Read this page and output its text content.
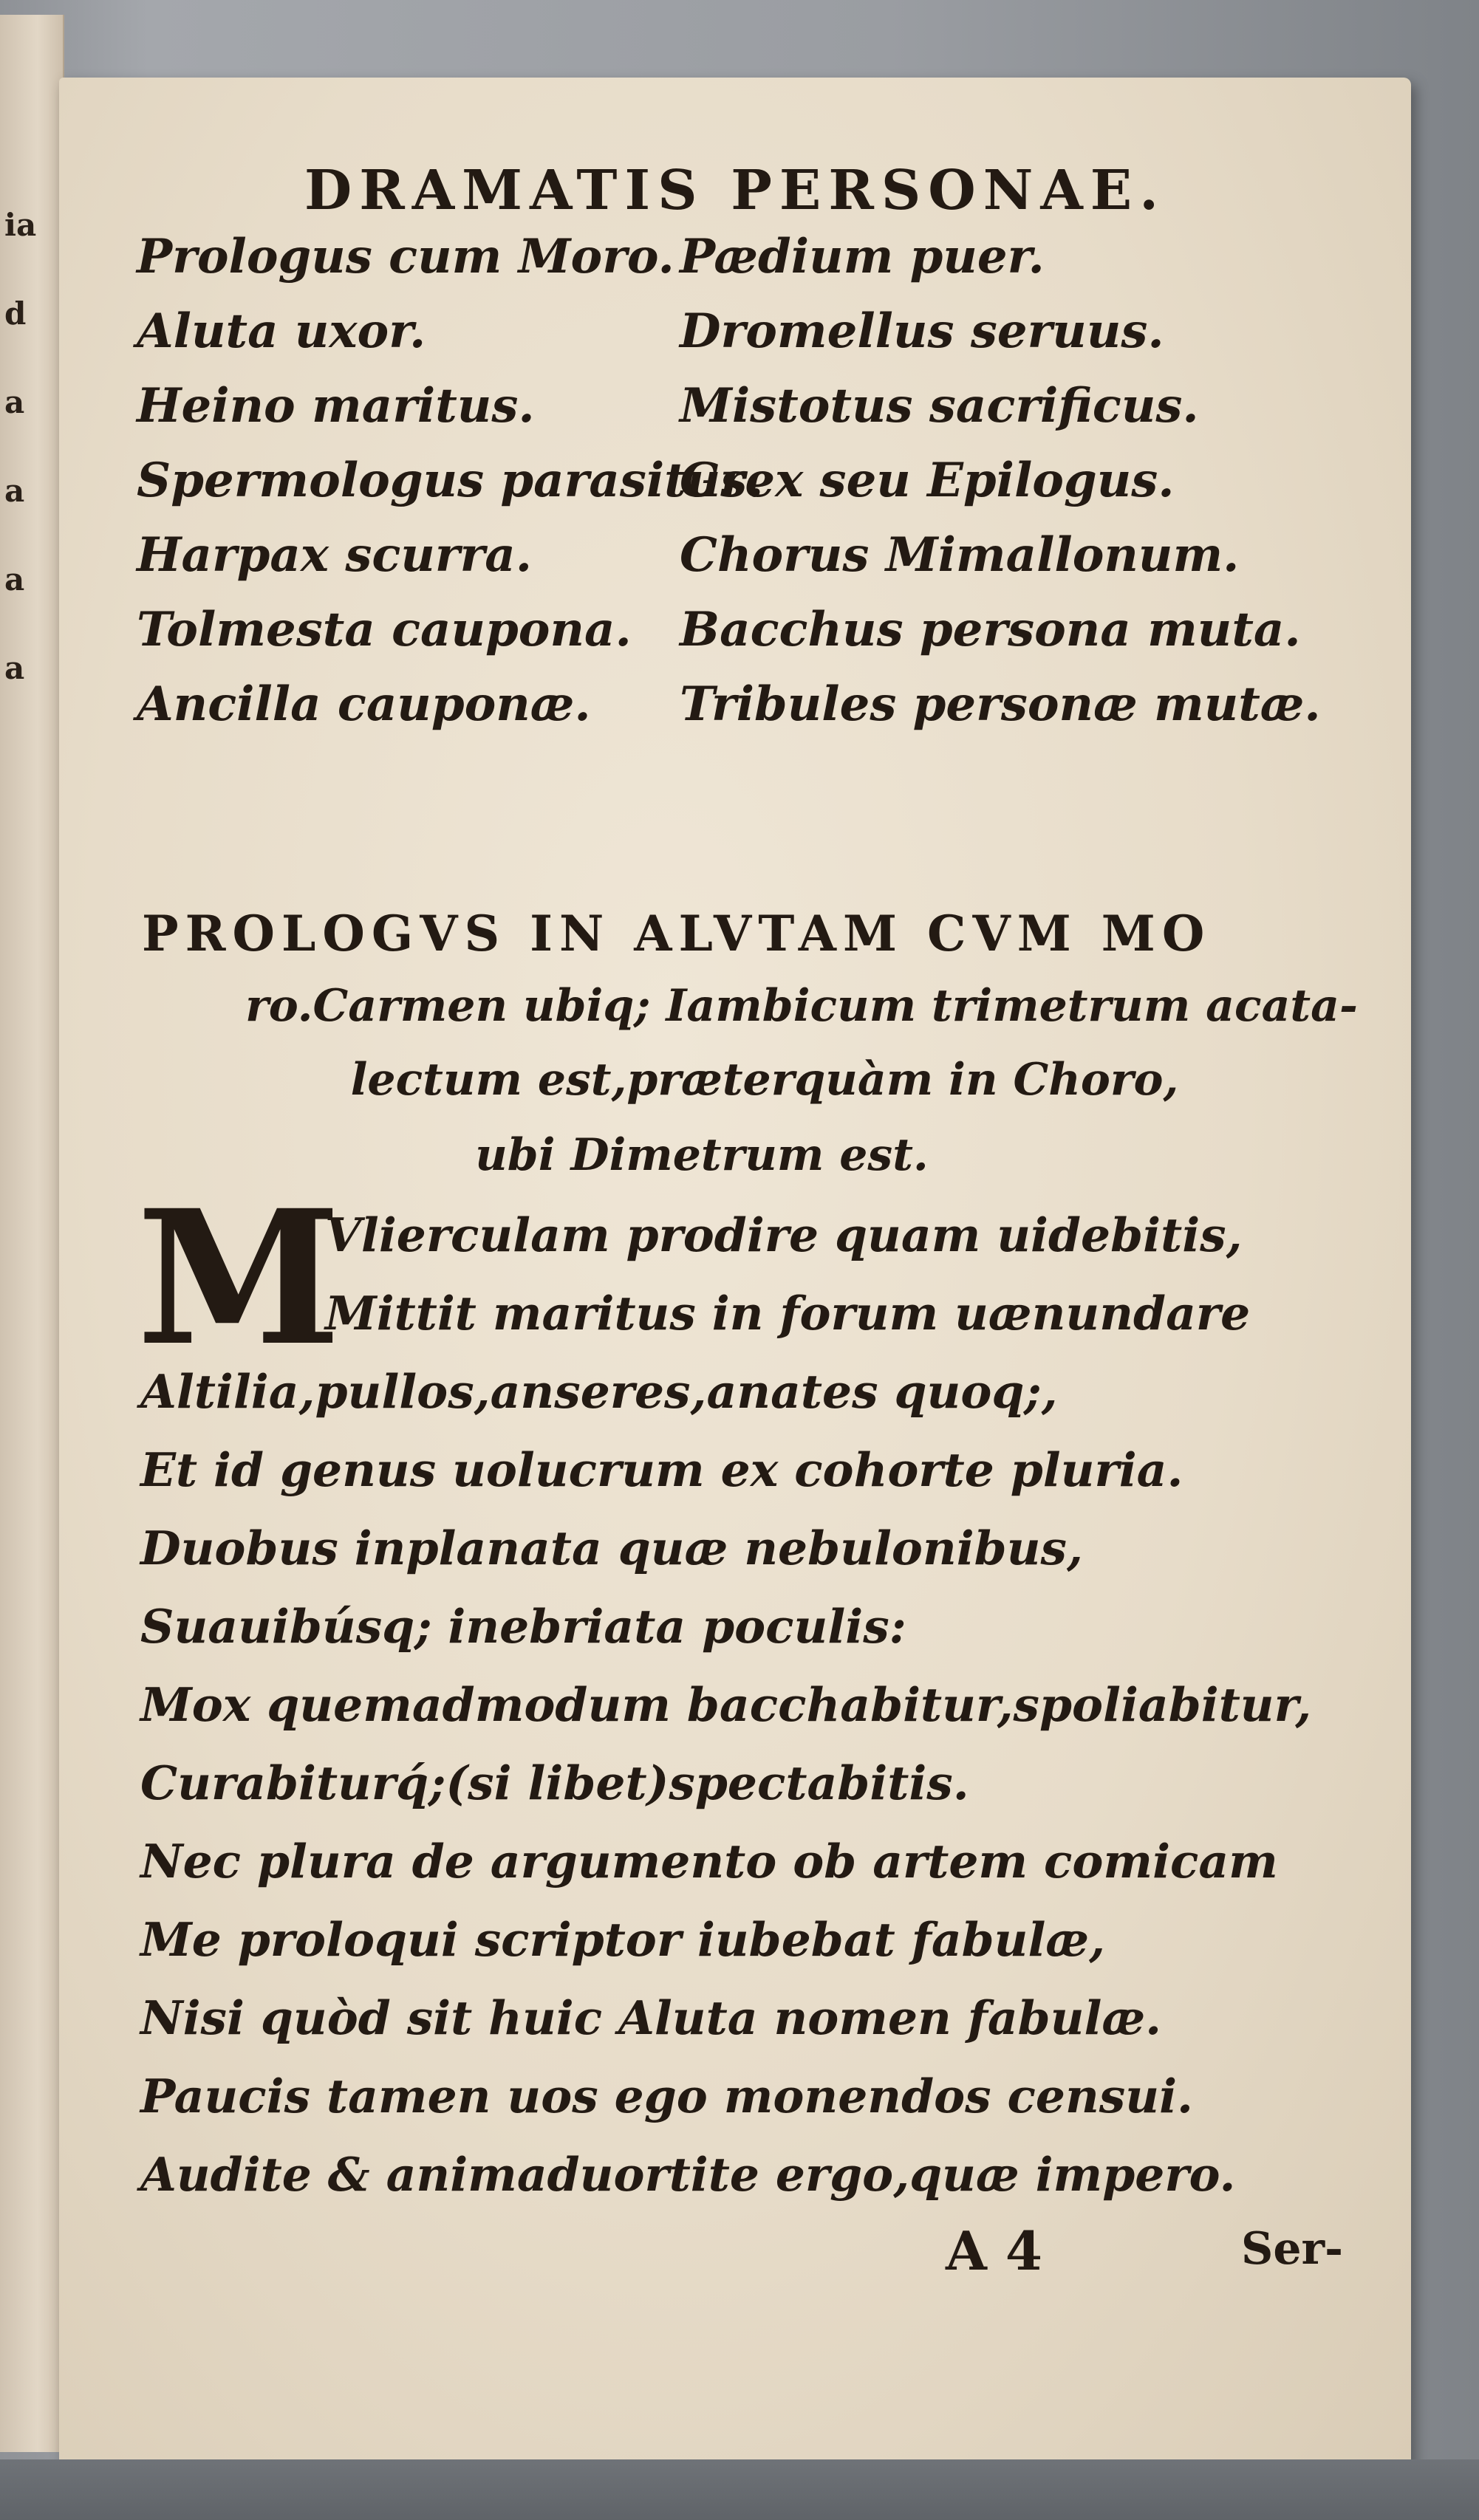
ia
d
a
a
a
a
DRAMATIS PERSONAE.
Prologus cum Moro.
Aluta uxor.
Heino maritus.
Spermologus parasitus.
Harpax scurra.
Tolmesta caupona.
Ancilla cauponæ.
Pædium puer.
Dromellus seruus.
Mistotus sacrificus.
Grex seu Epilogus.
Chorus Mimallonum.
Bacchus persona muta.
Tribules personæ mutæ.
PROLOGVS IN ALVTAM CVM MO
ro.Carmen ubiq; Iambicum trimetrum acata-
lectum est,præterquàm in Choro,
ubi Dimetrum est.
M
Vlierculam prodire quam uidebitis,
Mittit maritus in forum uænundare
Altilia,pullos,anseres,anates quoq;,
Et id genus uolucrum ex cohorte pluria.
Duobus inplanata quæ nebulonibus,
Suauibúsq; inebriata poculis:
Mox quemadmodum bacchabitur,spoliabitur,
Curabiturq́;(si libet)spectabitis.
Nec plura de argumento ob artem comicam
Me proloqui scriptor iubebat fabulæ,
Nisi quòd sit huic Aluta nomen fabulæ.
Paucis tamen uos ego monendos censui.
Audite & animaduortite ergo,quæ impero.
A 4	Ser-
